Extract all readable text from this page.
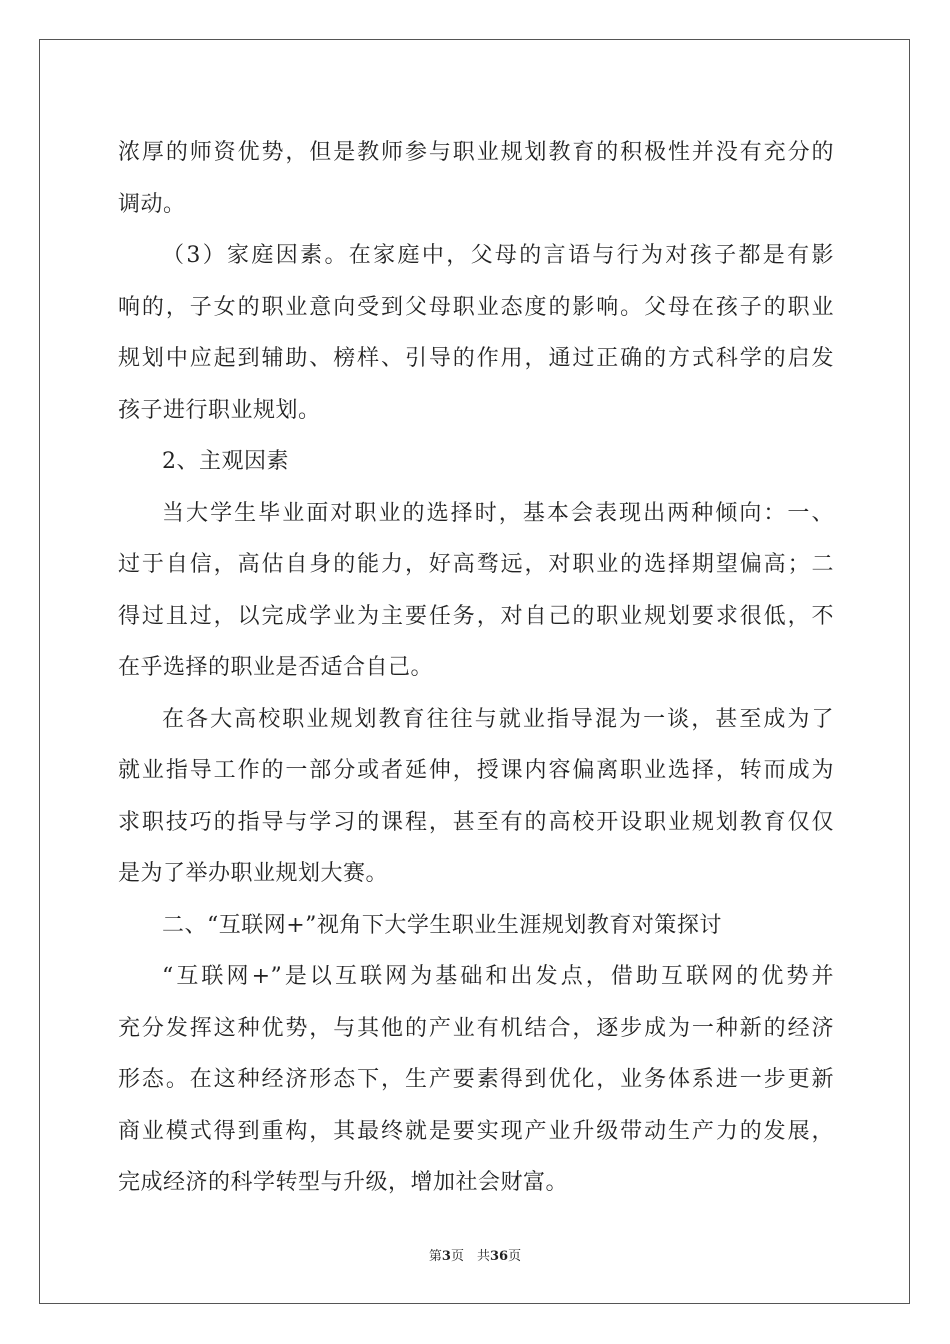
浓厚的师资优势，但是教师参与职业规划教育的积极性并没有充分的
调动。
（3）家庭因素。在家庭中，父母的言语与行为对孩子都是有影
响的，子女的职业意向受到父母职业态度的影响。父母在孩子的职业
规划中应起到辅助、榜样、引导的作用，通过正确的方式科学的启发
孩子进行职业规划。
2、主观因素
当大学生毕业面对职业的选择时，基本会表现出两种倾向：一、
过于自信，高估自身的能力，好高骛远，对职业的选择期望偏高；二
得过且过，以完成学业为主要任务，对自己的职业规划要求很低，不
在乎选择的职业是否适合自己。
在各大高校职业规划教育往往与就业指导混为一谈，甚至成为了
就业指导工作的一部分或者延伸，授课内容偏离职业选择，转而成为
求职技巧的指导与学习的课程，甚至有的高校开设职业规划教育仅仅
是为了举办职业规划大赛。
二、“互联网+”视角下大学生职业生涯规划教育对策探讨
“互联网+”是以互联网为基础和出发点，借助互联网的优势并
充分发挥这种优势，与其他的产业有机结合，逐步成为一种新的经济
形态。在这种经济形态下，生产要素得到优化，业务体系进一步更新
商业模式得到重构，其最终就是要实现产业升级带动生产力的发展，
完成经济的科学转型与升级，增加社会财富。
第3页　共36页
